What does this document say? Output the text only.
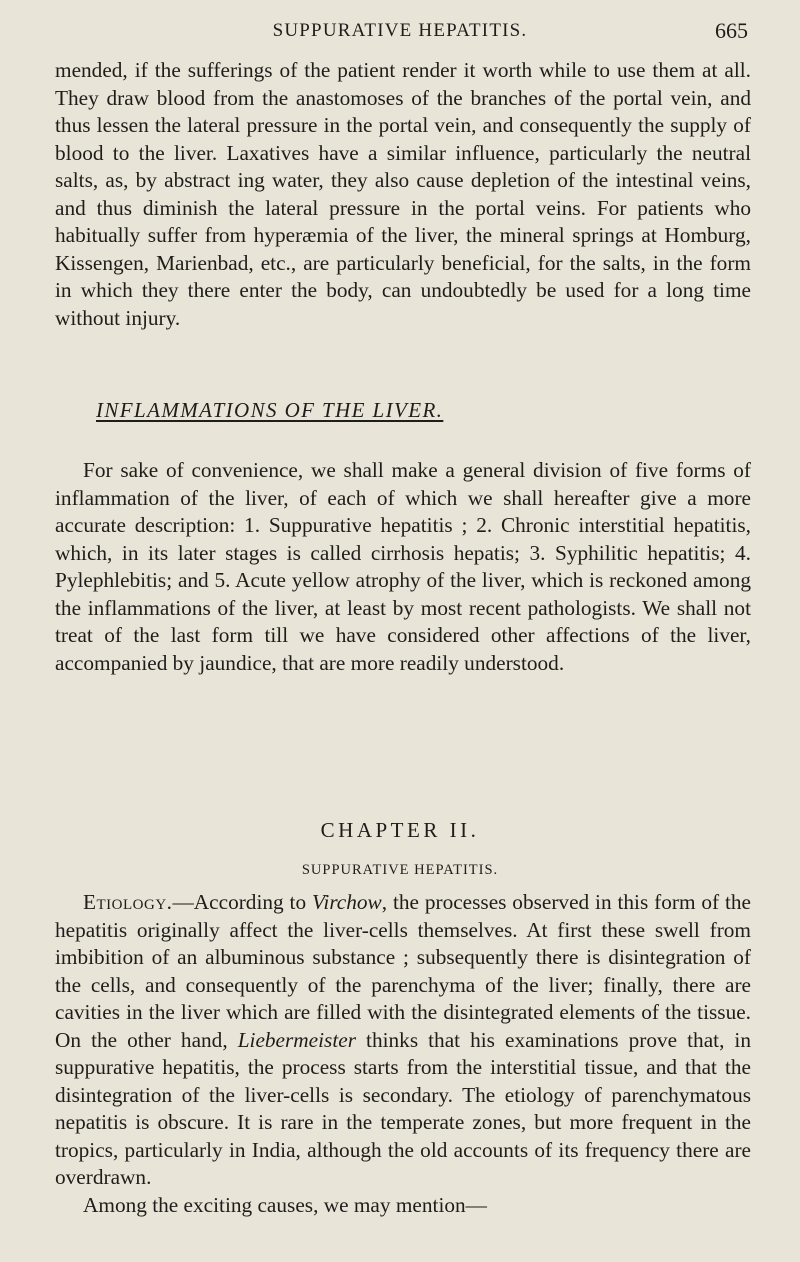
SUPPURATIVE HEPATITIS.	665

mended, if the sufferings of the patient render it worth while to use them at all. They draw blood from the anastomoses of the branches of the portal vein, and thus lessen the lateral pressure in the portal vein, and consequently the supply of blood to the liver. Laxatives have a similar influence, particularly the neutral salts, as, by abstract ing water, they also cause depletion of the intestinal veins, and thus diminish the lateral pressure in the portal veins. For patients who habitually suffer from hyperæmia of the liver, the mineral springs at Homburg, Kissengen, Marienbad, etc., are particularly beneficial, for the salts, in the form in which they there enter the body, can undoubtedly be used for a long time without injury.

INFLAMMATIONS OF THE LIVER.

For sake of convenience, we shall make a general division of five forms of inflammation of the liver, of each of which we shall hereafter give a more accurate description: 1. Suppurative hepatitis ; 2. Chronic interstitial hepatitis, which, in its later stages is called cirrhosis hepatis; 3. Syphilitic hepatitis; 4. Pylephlebitis; and 5. Acute yellow atrophy of the liver, which is reckoned among the inflammations of the liver, at least by most recent pathologists. We shall not treat of the last form till we have considered other affections of the liver, accompanied by jaundice, that are more readily understood.

CHAPTER II.
SUPPURATIVE HEPATITIS.

Etiology.—According to Virchow, the processes observed in this form of the hepatitis originally affect the liver-cells themselves. At first these swell from imbibition of an albuminous substance ; subsequently there is disintegration of the cells, and consequently of the parenchyma of the liver; finally, there are cavities in the liver which are filled with the disintegrated elements of the tissue. On the other hand, Liebermeister thinks that his examinations prove that, in suppurative hepatitis, the process starts from the interstitial tissue, and that the disintegration of the liver-cells is secondary. The etiology of parenchymatous nepatitis is obscure. It is rare in the temperate zones, but more frequent in the tropics, particularly in India, although the old accounts of its frequency there are overdrawn.

Among the exciting causes, we may mention—
